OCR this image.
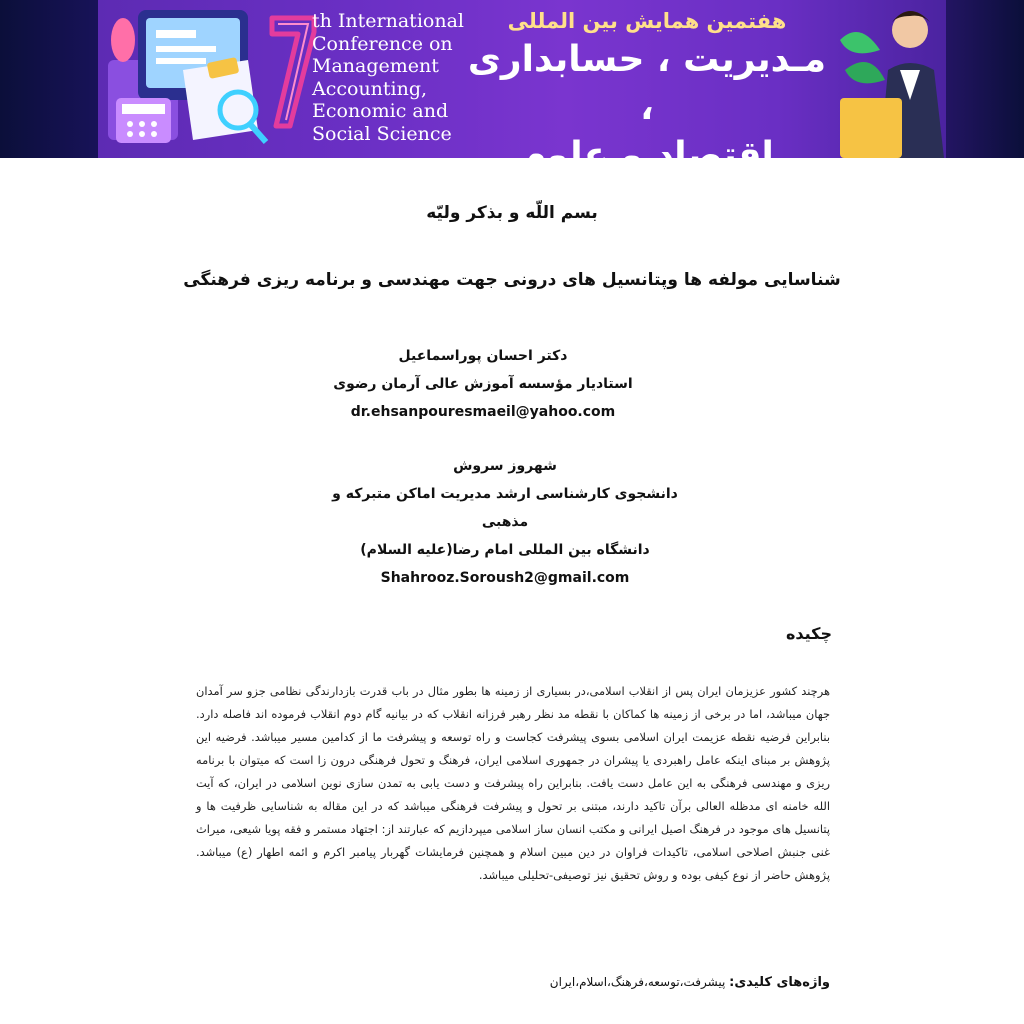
th International
Conference on
Management
Accounting,
Economic and
Social Science
هفتمین همایش بین المللی
مـدیریت ، حسابداری ،
اقتصاد و علوم اجتماعی
بسم اللّه و بذکر ولیّه
شناسایی مولفه ها وپتانسیل های درونی جهت مهندسی و برنامه ریزی فرهنگی
دکتر احسان پوراسماعیل
استادیار مؤسسه آموزش عالی آرمان رضوی
dr.ehsanpouresmaeil@yahoo.com
شهروز سروش
دانشجوی کارشناسی ارشد مدیریت اماکن متبرکه و مذهبی
دانشگاه بین المللی امام رضا(علیه السلام)
Shahrooz.Soroush2@gmail.com
چکیده
هرچند کشور عزیزمان ایران پس از انقلاب اسلامی،در بسیاری از زمینه ها بطور مثال در باب قدرت بازدارندگی نظامی جزو سر آمدان جهان میباشد، اما در برخی از زمینه ها کماکان با نقطه مد نظر رهبر فرزانه انقلاب که در بیانیه گام دوم انقلاب فرموده اند فاصله دارد. بنابراین فرضیه نقطه عزیمت ایران اسلامی بسوی پیشرفت کجاست و راه توسعه و پیشرفت ما از کدامین مسیر میباشد. فرضیه این پژوهش بر مبنای اینکه عامل راهبردی یا پیشران در جمهوری اسلامی ایران، فرهنگ و تحول فرهنگی درون زا است که میتوان با برنامه ریزی و مهندسی فرهنگی به این عامل دست یافت. بنابراین راه پیشرفت و دست یابی به تمدن سازی نوین اسلامی در ایران، که آیت الله خامنه ای مدظله العالی برآن تاکید دارند، مبتنی بر تحول و پیشرفت فرهنگی میباشد که در این مقاله به شناسایی ظرفیت ها و پتانسیل های موجود در فرهنگ اصیل ایرانی و مکتب انسان ساز اسلامی میپردازیم که عبارتند از: اجتهاد مستمر و فقه پویا شیعی، میراث غنی جنبش اصلاحی اسلامی، تاکیدات فراوان در دین مبین اسلام و همچنین فرمایشات گهربار پیامبر اکرم و ائمه اطهار (ع) میباشد. پژوهش حاضر از نوع کیفی بوده و روش تحقیق نیز توصیفی-تحلیلی میباشد.
واژه‌های کلیدی: پیشرفت،توسعه،فرهنگ،اسلام،ایران
